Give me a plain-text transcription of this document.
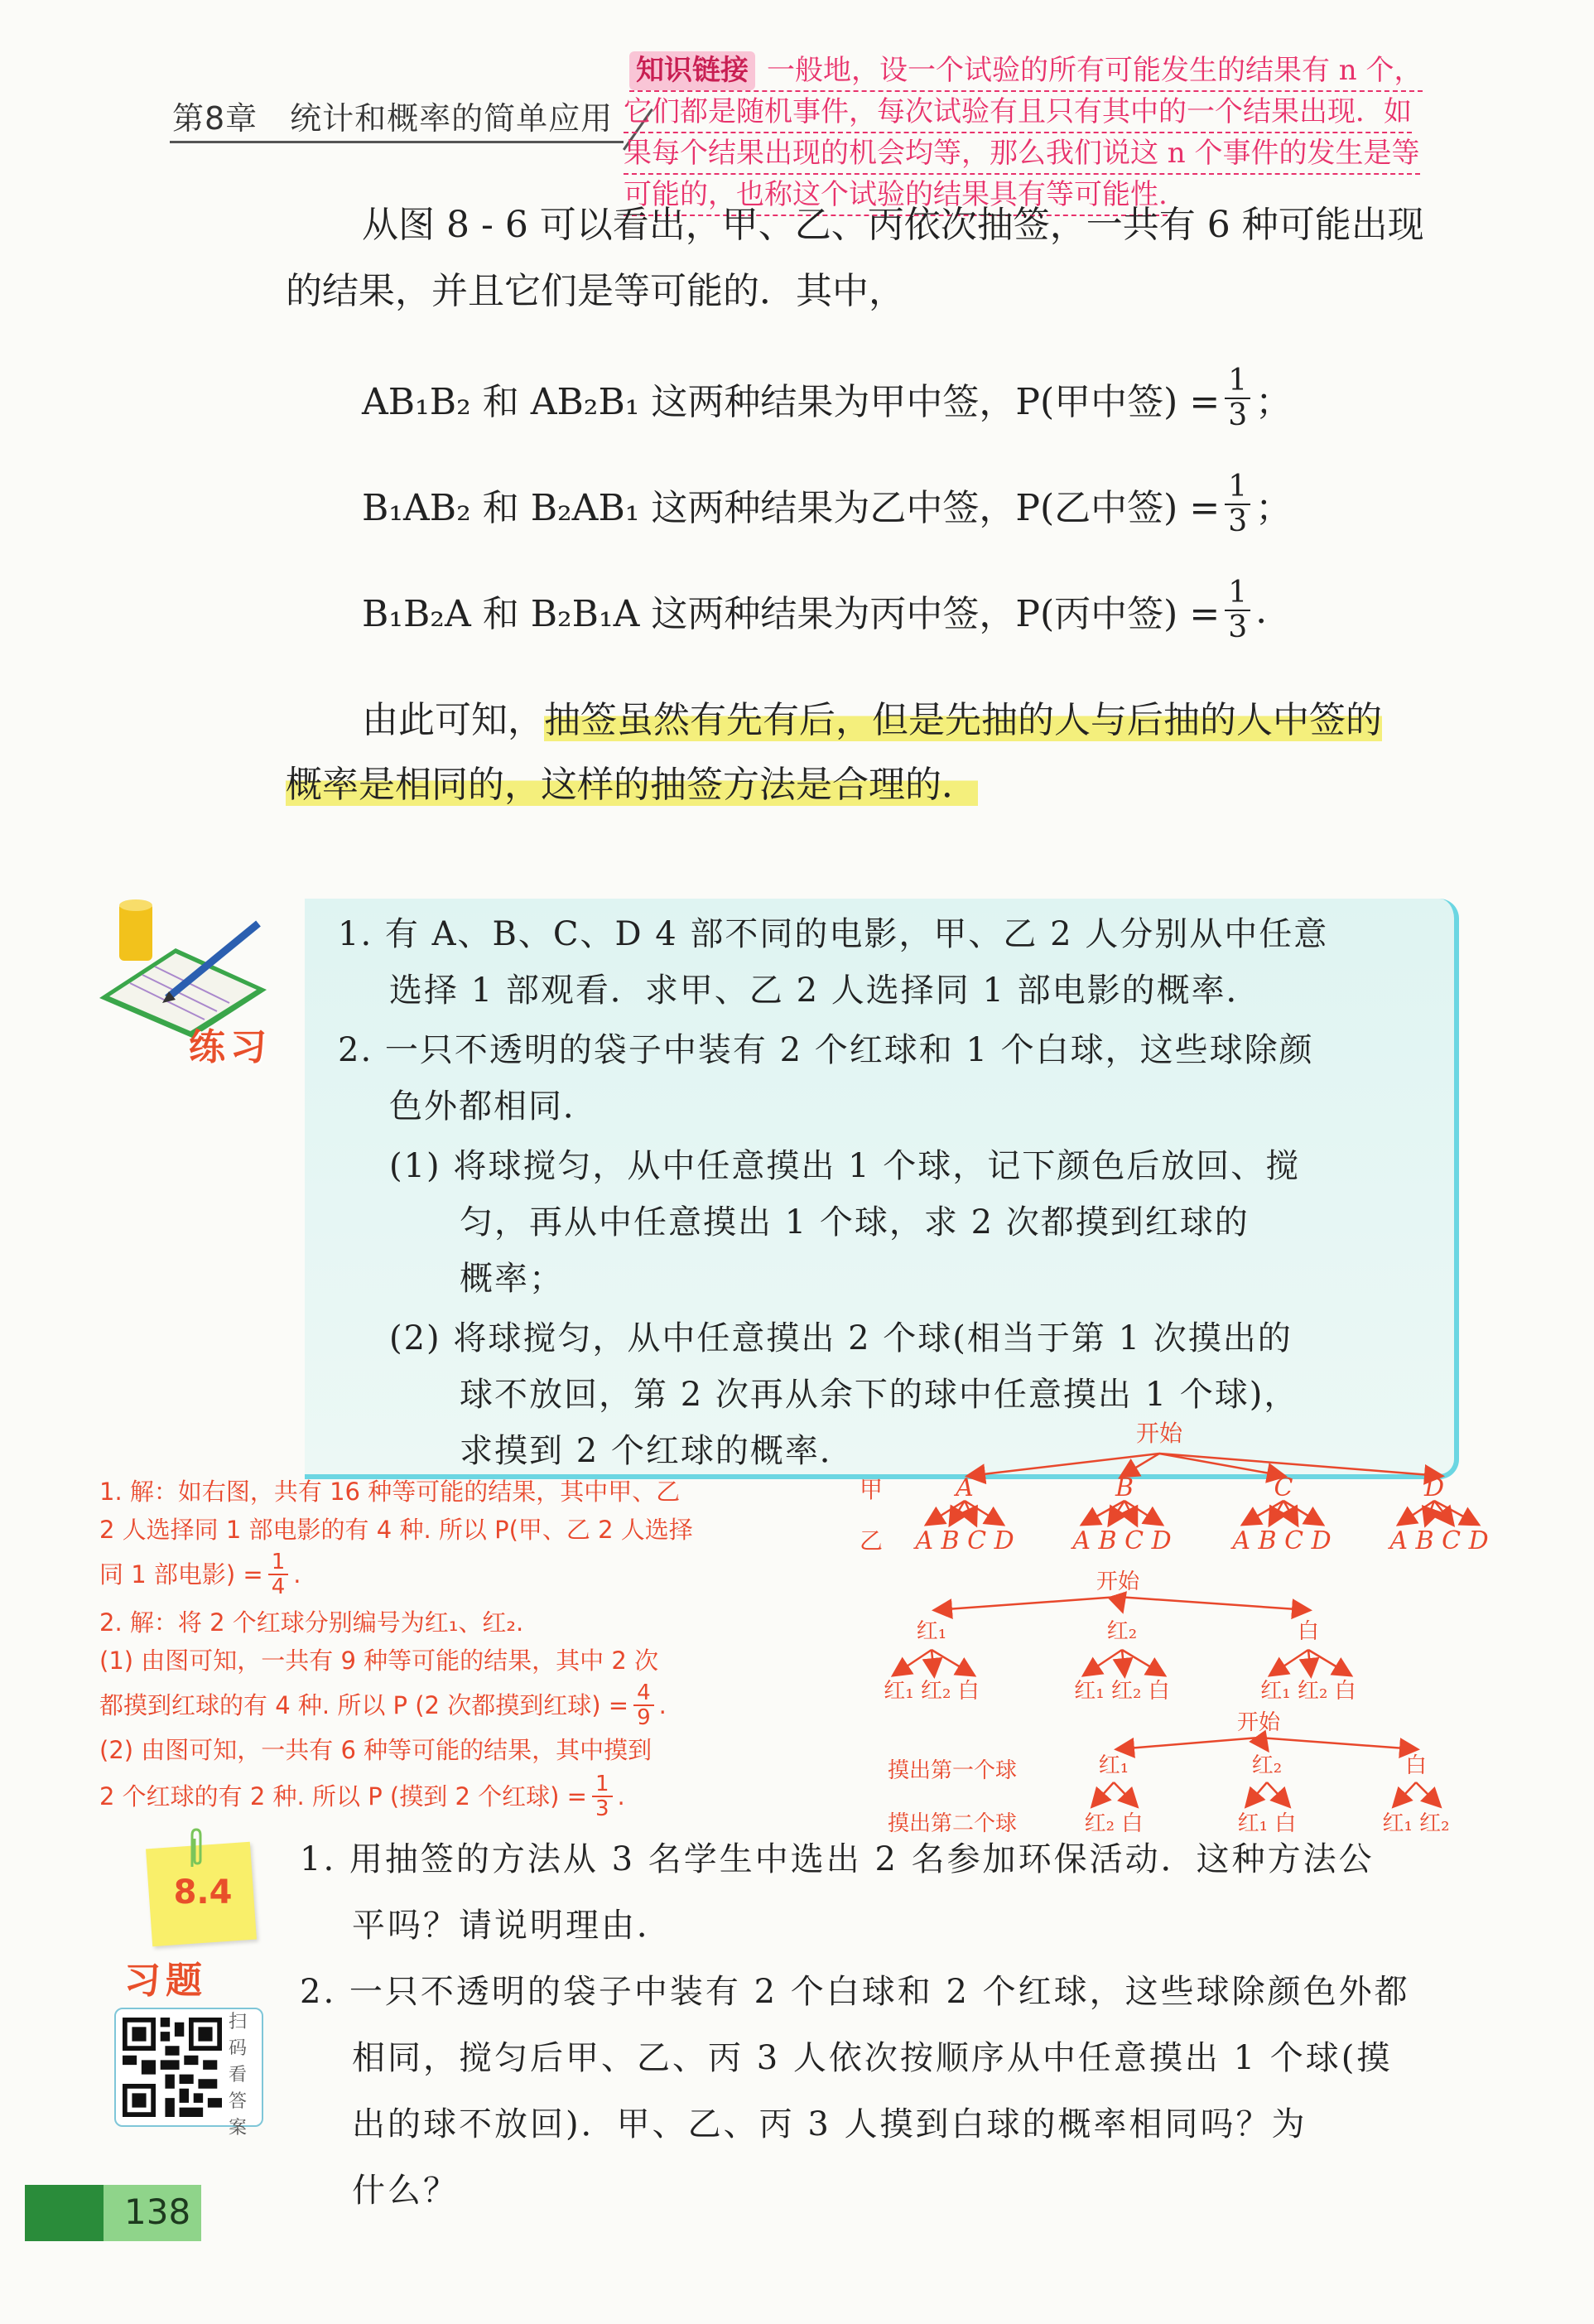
第8章　统计和概率的简单应用
知识链接 一般地，设一个试验的所有可能发生的结果有 n 个，
它们都是随机事件，每次试验有且只有其中的一个结果出现．如
果每个结果出现的机会均等，那么我们说这 n 个事件的发生是等
可能的，也称这个试验的结果具有等可能性.
从图 8 - 6 可以看出，甲、乙、丙依次抽签，一共有 6 种可能出现
的结果，并且它们是等可能的．其中，
AB₁B₂ 和 AB₂B₁ 这两种结果为甲中签，P(甲中签) = $\frac{1}{3}$ ；
B₁AB₂ 和 B₂AB₁ 这两种结果为乙中签，P(乙中签) = $\frac{1}{3}$ ；
B₁B₂A 和 B₂B₁A 这两种结果为丙中签，P(丙中签) = $\frac{1}{3}$ .
由此可知，抽签虽然有先有后，但是先抽的人与后抽的人中签的
概率是相同的，这样的抽签方法是合理的．
练习
1. 有 A、B、C、D 4 部不同的电影，甲、乙 2 人分别从中任意
选择 1 部观看．求甲、乙 2 人选择同 1 部电影的概率．
2. 一只不透明的袋子中装有 2 个红球和 1 个白球，这些球除颜
色外都相同．
(1) 将球搅匀，从中任意摸出 1 个球，记下颜色后放回、搅
匀，再从中任意摸出 1 个球，求 2 次都摸到红球的
概率；
(2) 将球搅匀，从中任意摸出 2 个球(相当于第 1 次摸出的
球不放回，第 2 次再从余下的球中任意摸出 1 个球)，
求摸到 2 个红球的概率．
1. 解：如右图，共有 16 种等可能的结果，其中甲、乙
2 人选择同 1 部电影的有 4 种. 所以 P(甲、乙 2 人选择
同 1 部电影) = $\frac{1}{4}$ .
2. 解：将 2 个红球分别编号为红₁、红₂.
(1) 由图可知，一共有 9 种等可能的结果，其中 2 次
都摸到红球的有 4 种. 所以 P (2 次都摸到红球) = $\frac{4}{9}$ .
(2) 由图可知，一共有 6 种等可能的结果，其中摸到
2 个红球的有 2 种. 所以 P (摸到 2 个红球) = $\frac{1}{3}$ .
开始
甲
乙
A	B	C	D
A B C D A B C D A B C D A B C D
开始
红₁	红₂	白
红₁ 红₂ 白	红₁ 红₂ 白	红₁ 红₂ 白
开始
摸出第一个球
摸出第二个球
红₁	红₂	白
红₂ 白	红₁ 白	红₁ 红₂
8.4
习题
扫码看答案
1. 用抽签的方法从 3 名学生中选出 2 名参加环保活动．这种方法公
平吗？请说明理由．
2. 一只不透明的袋子中装有 2 个白球和 2 个红球，这些球除颜色外都
相同，搅匀后甲、乙、丙 3 人依次按顺序从中任意摸出 1 个球(摸
出的球不放回)．甲、乙、丙 3 人摸到白球的概率相同吗？为
什么？
138
